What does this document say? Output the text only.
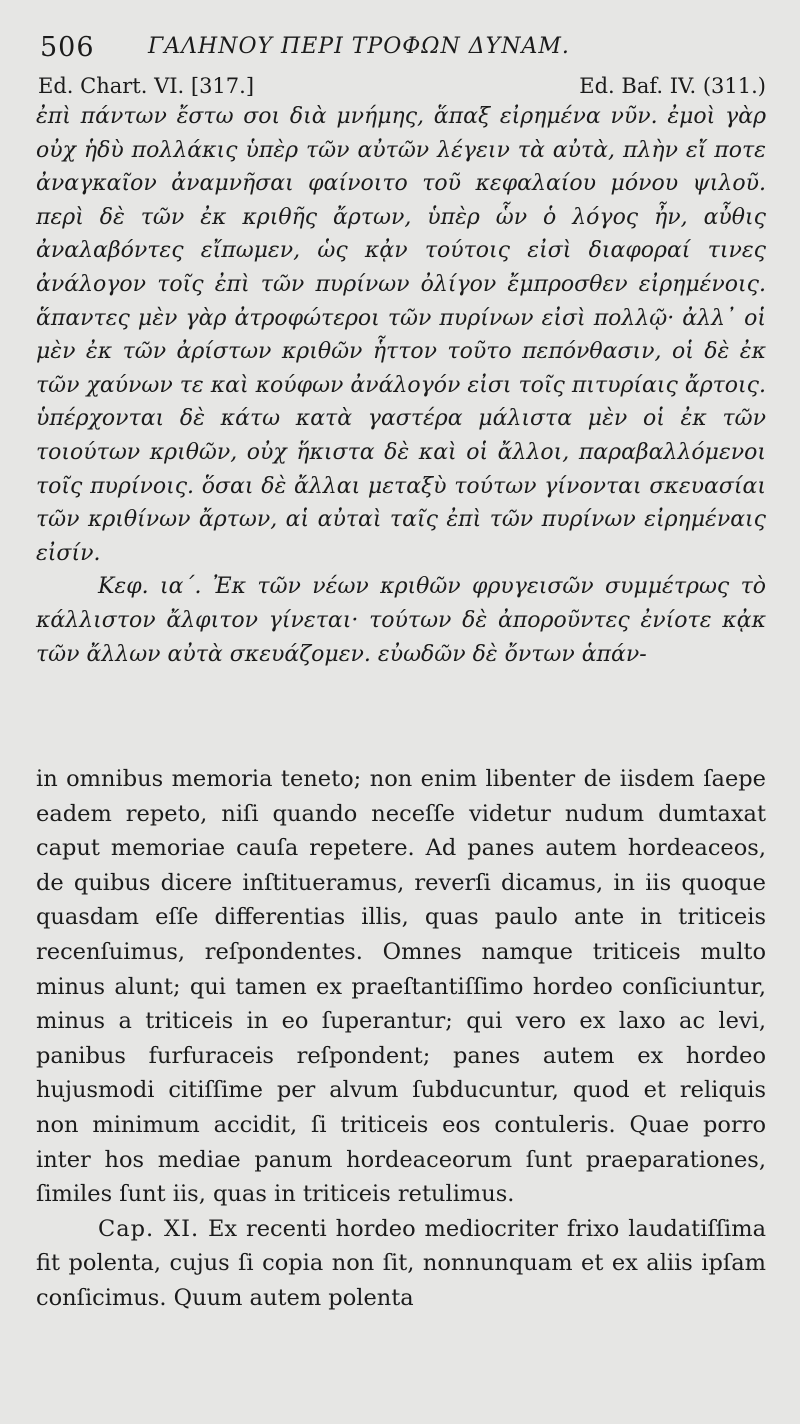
506 ΓΑΛΗΝΟΥ ΠΕΡΙ ΤΡΟΦΩΝ ΔΥΝΑΜ.
Ed. Chart. VI. [317.]	Ed. Baf. IV. (311.)

ἐπὶ πάντων ἔστω σοι διὰ μνήμης, ἅπαξ εἰρημένα νῦν. ἐμοὶ γὰρ οὐχ ἡδὺ πολλάκις ὑπὲρ τῶν αὐτῶν λέγειν τὰ αὐτὰ, πλὴν εἴ ποτε ἀναγκαῖον ἀναμνῆσαι φαίνοιτο τοῦ κεφαλαίου μόνου ψιλοῦ. περὶ δὲ τῶν ἐκ κριθῆς ἄρτων, ὑπὲρ ὧν ὁ λόγος ἦν, αὖθις ἀναλαβόντες εἴπωμεν, ὡς κᾀν τούτοις εἰσὶ διαφοραί τινες ἀνάλογον τοῖς ἐπὶ τῶν πυρίνων ὀλίγον ἔμπροσθεν εἰρημένοις. ἅπαντες μὲν γὰρ ἀτροφώτεροι τῶν πυρίνων εἰσὶ πολλῷ· ἀλλ᾽ οἱ μὲν ἐκ τῶν ἀρίστων κριθῶν ἧττον τοῦτο πεπόνθασιν, οἱ δὲ ἐκ τῶν χαύνων τε καὶ κούφων ἀνάλογόν εἰσι τοῖς πιτυρίαις ἄρτοις. ὑπέρχονται δὲ κάτω κατὰ γαστέρα μάλιστα μὲν οἱ ἐκ τῶν τοιούτων κριθῶν, οὐχ ἥκιστα δὲ καὶ οἱ ἄλλοι, παραβαλλόμενοι τοῖς πυρίνοις. ὅσαι δὲ ἄλλαι μεταξὺ τούτων γίνονται σκευασίαι τῶν κριθίνων ἄρτων, αἱ αὐταὶ ταῖς ἐπὶ τῶν πυρίνων εἰρημέναις εἰσίν.

Κεφ. ια΄. Ἐκ τῶν νέων κριθῶν φρυγεισῶν συμμέτρως τὸ κάλλιστον ἄλφιτον γίνεται· τούτων δὲ ἀποροῦντες ἐνίοτε κᾀκ τῶν ἄλλων αὐτὰ σκευάζομεν. εὐωδῶν δὲ ὄντων ἁπάν-

in omnibus memoria teneto; non enim libenter de iisdem ſaepe eadem repeto, niſi quando neceſſe videtur nudum dumtaxat caput memoriae cauſa repetere. Ad panes autem hordeaceos, de quibus dicere inſtitueramus, reverſi dicamus, in iis quoque quasdam eſſe differentias illis, quas paulo ante in triticeis recenſuimus, reſpondentes. Omnes namque triticeis multo minus alunt; qui tamen ex praeſtantiſſimo hordeo conſiciuntur, minus a triticeis in eo ſuperantur; qui vero ex laxo ac levi, panibus furfuraceis reſpondent; panes autem ex hordeo hujusmodi citiſſime per alvum ſubducuntur, quod et reliquis non minimum accidit, ſi triticeis eos contuleris. Quae porro inter hos mediae panum hordeaceorum ſunt praeparationes, ſimiles ſunt iis, quas in triticeis retulimus.

Cap. XI. Ex recenti hordeo mediocriter frixo laudatiſſima fit polenta, cujus ſi copia non ſit, nonnunquam et ex aliis ipſam conſicimus. Quum autem polenta
